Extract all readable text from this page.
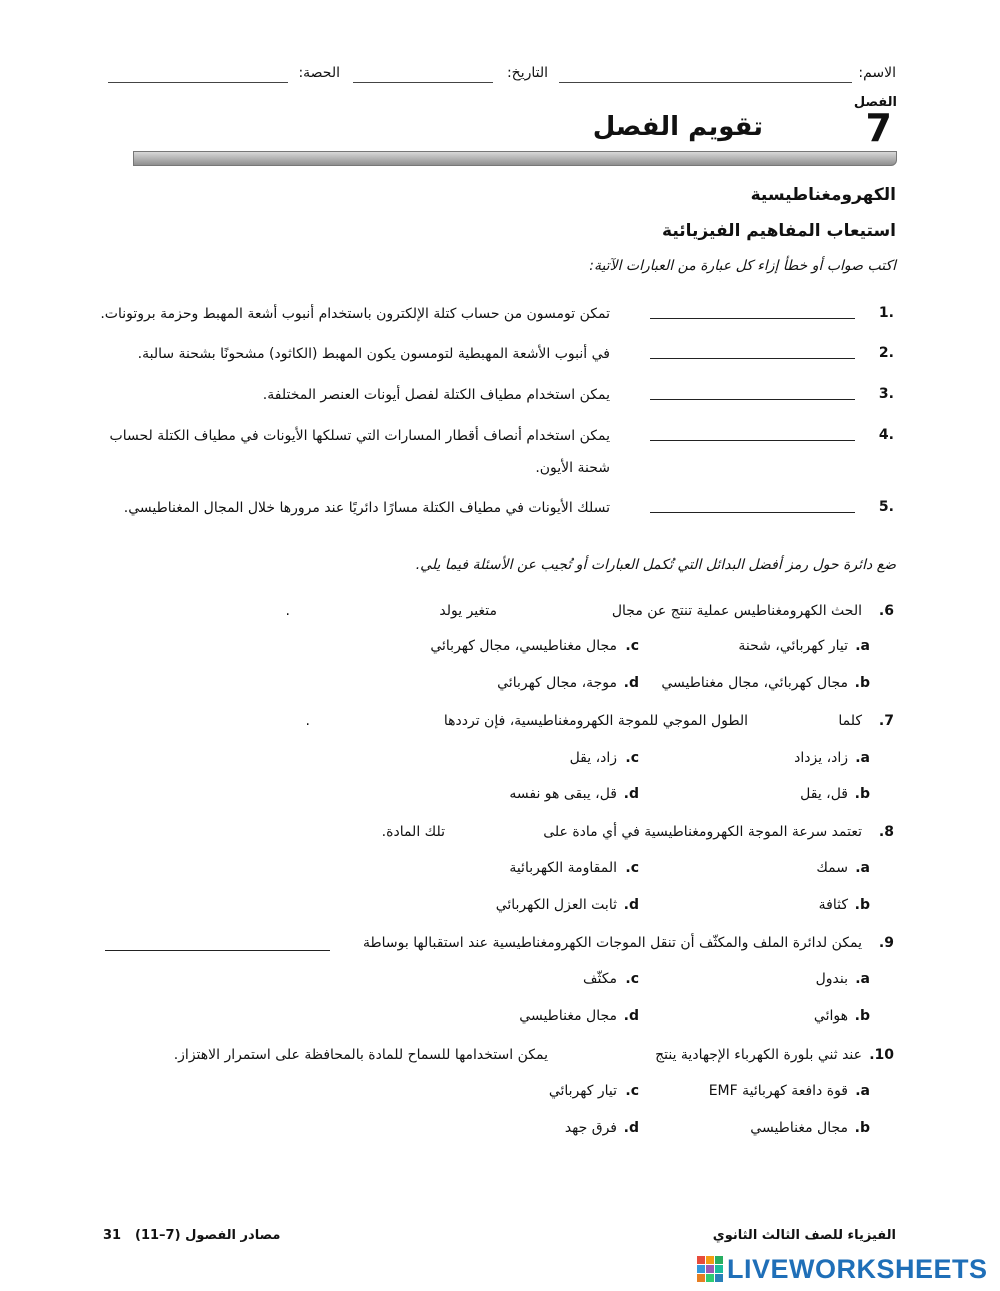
الاسم:
التاريخ:
الحصة:
الفصل
7
تقويم الفصل
الكهرومغناطيسية
استيعاب المفاهيم الفيزيائية
اكتب صواب أو خطأ إزاء كل عبارة من العبارات الآتية:
.1
تمكن تومسون من حساب كتلة الإلكترون باستخدام أنبوب أشعة المهبط وحزمة بروتونات.
.2
في أنبوب الأشعة المهبطية لتومسون يكون المهبط (الكاثود) مشحونًا بشحنة سالبة.
.3
يمكن استخدام مطياف الكتلة لفصل أيونات العنصر المختلفة.
.4
يمكن استخدام أنصاف أقطار المسارات التي تسلكها الأيونات في مطياف الكتلة لحساب شحنة الأيون.
.5
تسلك الأيونات في مطياف الكتلة مسارًا دائريًا عند مرورها خلال المجال المغناطيسي.
ضع دائرة حول رمز أفضل البدائل التي تُكمل العبارات أو تُجيب عن الأسئلة فيما يلي.
6.
الحث الكهرومغناطيس عملية تنتج عن مجال
متغير يولد
.
a.
تيار كهربائي، شحنة
c.
مجال مغناطيسي، مجال كهربائي
b.
مجال كهربائي، مجال مغناطيسي
d.
موجة، مجال كهربائي
7.
كلما
الطول الموجي للموجة الكهرومغناطيسية، فإن ترددها
.
a.
زاد، يزداد
c.
زاد، يقل
b.
قل، يقل
d.
قل، يبقى هو نفسه
8.
تعتمد سرعة الموجة الكهرومغناطيسية في أي مادة على
تلك المادة.
a.
سمك
c.
المقاومة الكهربائية
b.
كثافة
d.
ثابت العزل الكهربائي
9.
يمكن لدائرة الملف والمكثّف أن تنقل الموجات الكهرومغناطيسية عند استقبالها بوساطة
a.
بندول
c.
مكثّف
b.
هوائي
d.
مجال مغناطيسي
10.
عند ثني بلورة الكهرباء الإجهادية ينتج
يمكن استخدامها للسماح للمادة بالمحافظة على استمرار الاهتزاز.
a.
قوة دافعة كهربائية EMF
c.
تيار كهربائي
b.
مجال مغناطيسي
d.
فرق جهد
الفيزياء للصف الثالث الثانوي
31	مصادر الفصول (7–11)
LIVEWORKSHEETS
